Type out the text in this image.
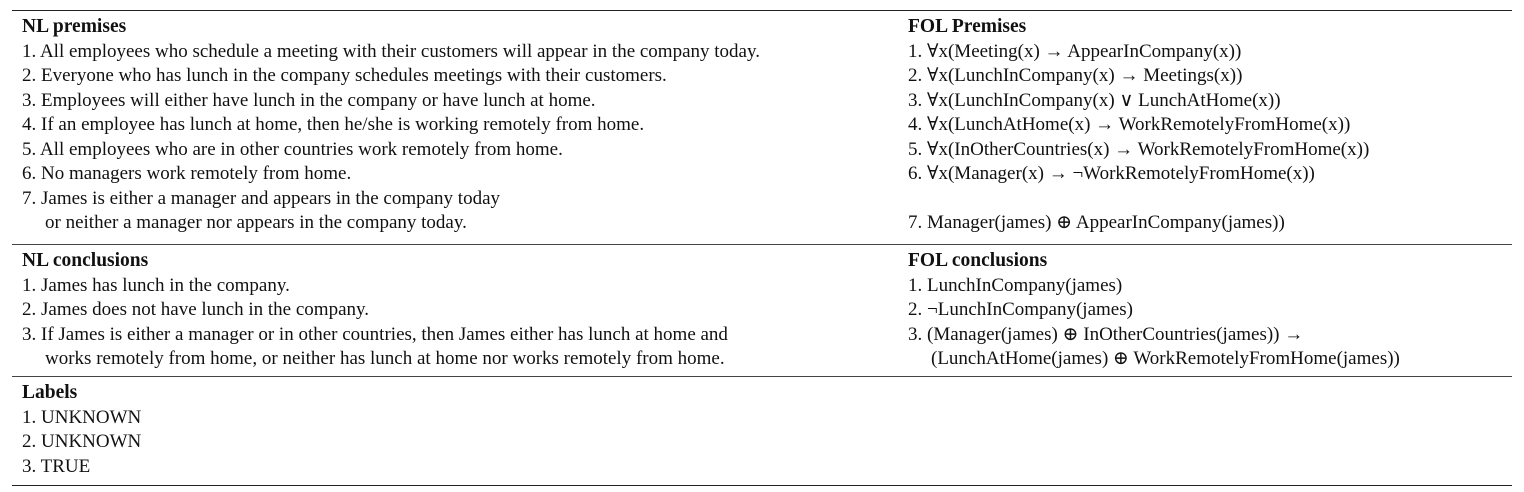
NL premises
1. All employees who schedule a meeting with their customers will appear in the company today.
2. Everyone who has lunch in the company schedules meetings with their customers.
3. Employees will either have lunch in the company or have lunch at home.
4. If an employee has lunch at home, then he/she is working remotely from home.
5. All employees who are in other countries work remotely from home.
6. No managers work remotely from home.
7. James is either a manager and appears in the company today
or neither a manager nor appears in the company today.
FOL Premises
1. ∀x(Meeting(x) → AppearInCompany(x))
2. ∀x(LunchInCompany(x) → Meetings(x))
3. ∀x(LunchInCompany(x) ∨ LunchAtHome(x))
4. ∀x(LunchAtHome(x) → WorkRemotelyFromHome(x))
5. ∀x(InOtherCountries(x) → WorkRemotelyFromHome(x))
6. ∀x(Manager(x) → ¬WorkRemotelyFromHome(x))
7. Manager(james) ⊕ AppearInCompany(james))
NL conclusions
1. James has lunch in the company.
2. James does not have lunch in the company.
3. If James is either a manager or in other countries, then James either has lunch at home and
works remotely from home, or neither has lunch at home nor works remotely from home.
FOL conclusions
1. LunchInCompany(james)
2. ¬LunchInCompany(james)
3. (Manager(james) ⊕ InOtherCountries(james)) →
(LunchAtHome(james) ⊕ WorkRemotelyFromHome(james))
Labels
1. UNKNOWN
2. UNKNOWN
3. TRUE
